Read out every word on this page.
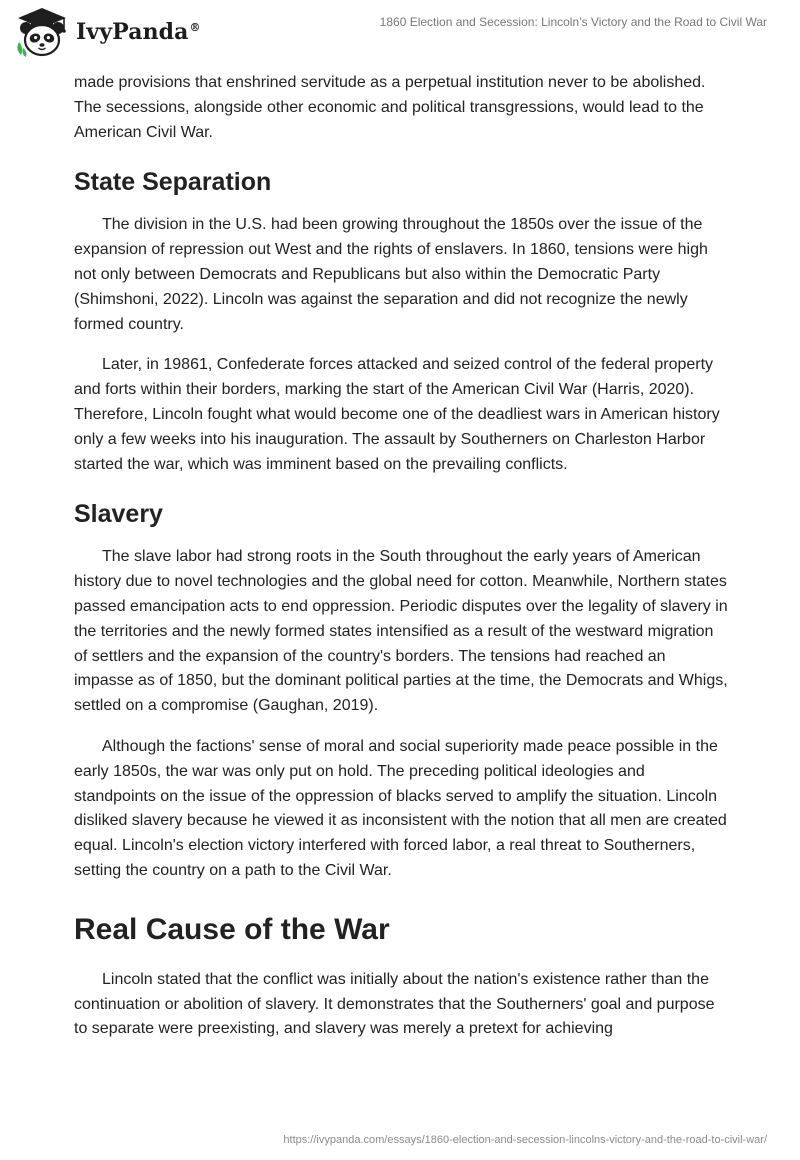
IvyPanda®	1860 Election and Secession: Lincoln’s Victory and the Road to Civil War

made provisions that enshrined servitude as a perpetual institution never to be abolished. The secessions, alongside other economic and political transgressions, would lead to the American Civil War.

State Separation

The division in the U.S. had been growing throughout the 1850s over the issue of the expansion of repression out West and the rights of enslavers. In 1860, tensions were high not only between Democrats and Republicans but also within the Democratic Party (Shimshoni, 2022). Lincoln was against the separation and did not recognize the newly formed country.

Later, in 19861, Confederate forces attacked and seized control of the federal property and forts within their borders, marking the start of the American Civil War (Harris, 2020). Therefore, Lincoln fought what would become one of the deadliest wars in American history only a few weeks into his inauguration. The assault by Southerners on Charleston Harbor started the war, which was imminent based on the prevailing conflicts.

Slavery

The slave labor had strong roots in the South throughout the early years of American history due to novel technologies and the global need for cotton. Meanwhile, Northern states passed emancipation acts to end oppression. Periodic disputes over the legality of slavery in the territories and the newly formed states intensified as a result of the westward migration of settlers and the expansion of the country's borders. The tensions had reached an impasse as of 1850, but the dominant political parties at the time, the Democrats and Whigs, settled on a compromise (Gaughan, 2019).

Although the factions' sense of moral and social superiority made peace possible in the early 1850s, the war was only put on hold. The preceding political ideologies and standpoints on the issue of the oppression of blacks served to amplify the situation. Lincoln disliked slavery because he viewed it as inconsistent with the notion that all men are created equal. Lincoln's election victory interfered with forced labor, a real threat to Southerners, setting the country on a path to the Civil War.

Real Cause of the War

Lincoln stated that the conflict was initially about the nation's existence rather than the continuation or abolition of slavery. It demonstrates that the Southerners' goal and purpose to separate were preexisting, and slavery was merely a pretext for achieving

https://ivypanda.com/essays/1860-election-and-secession-lincolns-victory-and-the-road-to-civil-war/
